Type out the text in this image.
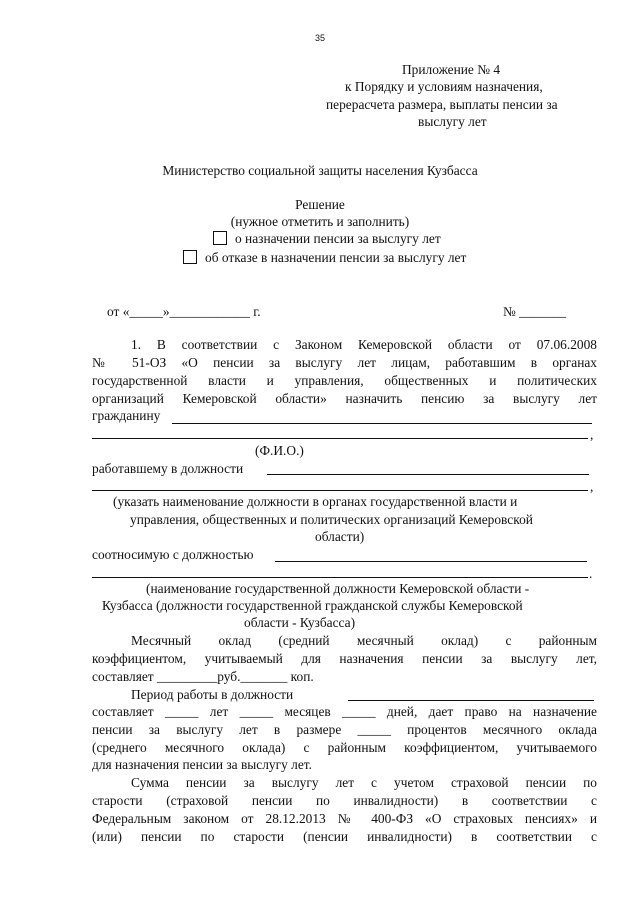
35
Приложение № 4
к Порядку и условиям назначения,
перерасчета размера, выплаты пенсии за
выслугу лет
Министерство социальной защиты населения Кузбасса
Решение
(нужное отметить и заполнить)
о назначении пенсии за выслугу лет
об отказе в назначении пенсии за выслугу лет
от «_____»____________ г.	№ _______
1. В соответствии с Законом Кемеровской области от 07.06.2008
№ 51-ОЗ «О пенсии за выслугу лет лицам, работавшим в органах
государственной власти и управления, общественных и политических
организаций Кемеровской области» назначить пенсию за выслугу лет
гражданину
,
(Ф.И.О.)
работавшему в должности
,
(указать наименование должности в органах государственной власти и
управления, общественных и политических организаций Кемеровской
области)
соотносимую с должностью
.
(наименование государственной должности Кемеровской области -
Кузбасса (должности государственной гражданской службы Кемеровской
области - Кузбасса)
Месячный оклад (средний месячный оклад) с районным
коэффициентом, учитываемый для назначения пенсии за выслугу лет,
составляет _________руб._______ коп.
Период работы в должности
составляет _____ лет _____ месяцев _____ дней, дает право на назначение
пенсии за выслугу лет в размере _____ процентов месячного оклада
(среднего месячного оклада) с районным коэффициентом, учитываемого
для назначения пенсии за выслугу лет.
Сумма пенсии за выслугу лет с учетом страховой пенсии по
старости (страховой пенсии по инвалидности) в соответствии с
Федеральным законом от 28.12.2013 № 400-ФЗ «О страховых пенсиях» и
(или) пенсии по старости (пенсии инвалидности) в соответствии с
